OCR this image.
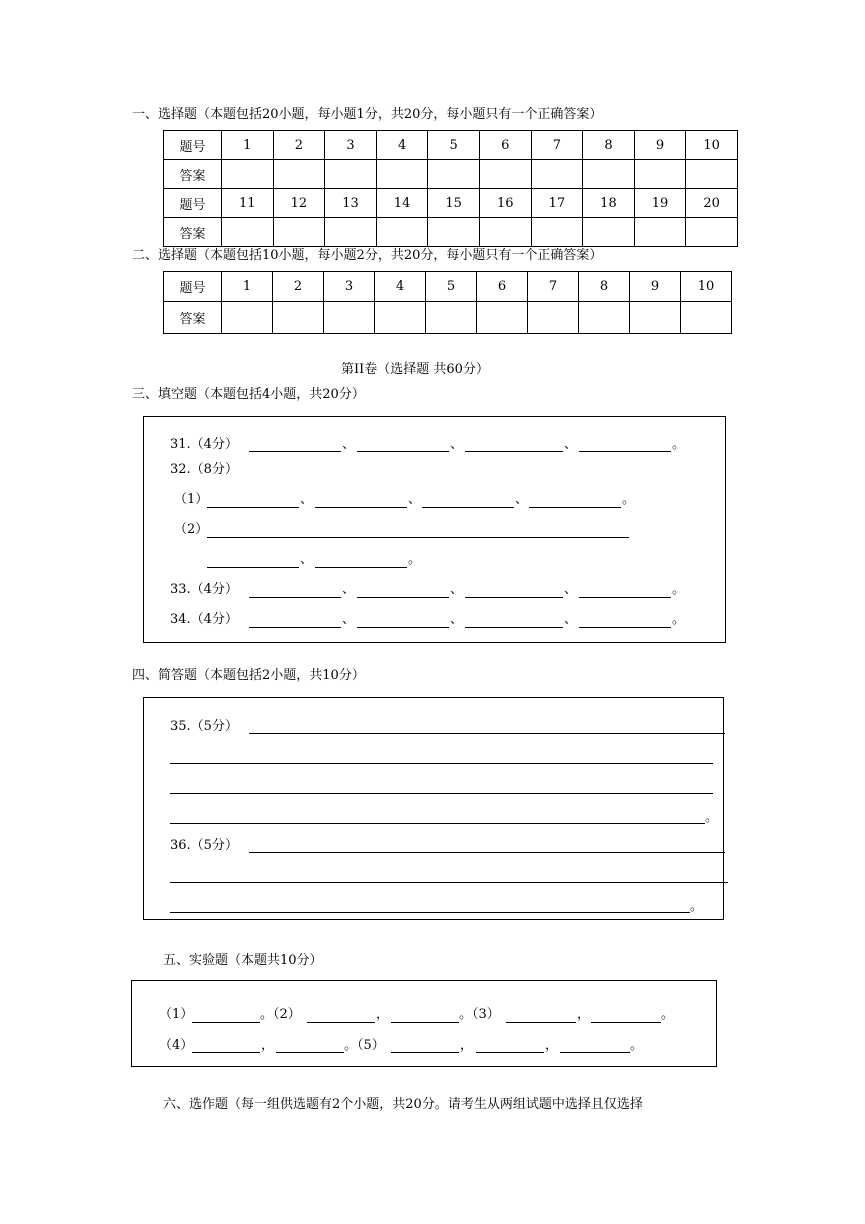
一、选择题（本题包括20小题，每小题1分，共20分，每小题只有一个正确答案）
题号	1	2	3	4	5	6	7	8	9	10
答案										
题号	11	12	13	14	15	16	17	18	19	20
答案										
二、选择题（本题包括10小题，每小题2分，共20分，每小题只有一个正确答案）
题号	1	2	3	4	5	6	7	8	9	10
答案										
第II卷（选择题 共60分）
三、填空题（本题包括4小题，共20分）
31.（4分）	、	、	、	。
32.（8分）
（1）	、	、	、	。
（2）
、	。
33.（4分）	、	、	、	。
34.（4分）	、	、	、	。
四、简答题（本题包括2小题，共10分）
35.（5分）
。
36.（5分）
。
五、实验题（本题共10分）
（1）	。（2）	，	。（3）	，	。
（4）	，	。（5）	，	，	。
六、选作题（每一组供选题有2个小题，共20分。请考生从两组试题中选择且仅选择
